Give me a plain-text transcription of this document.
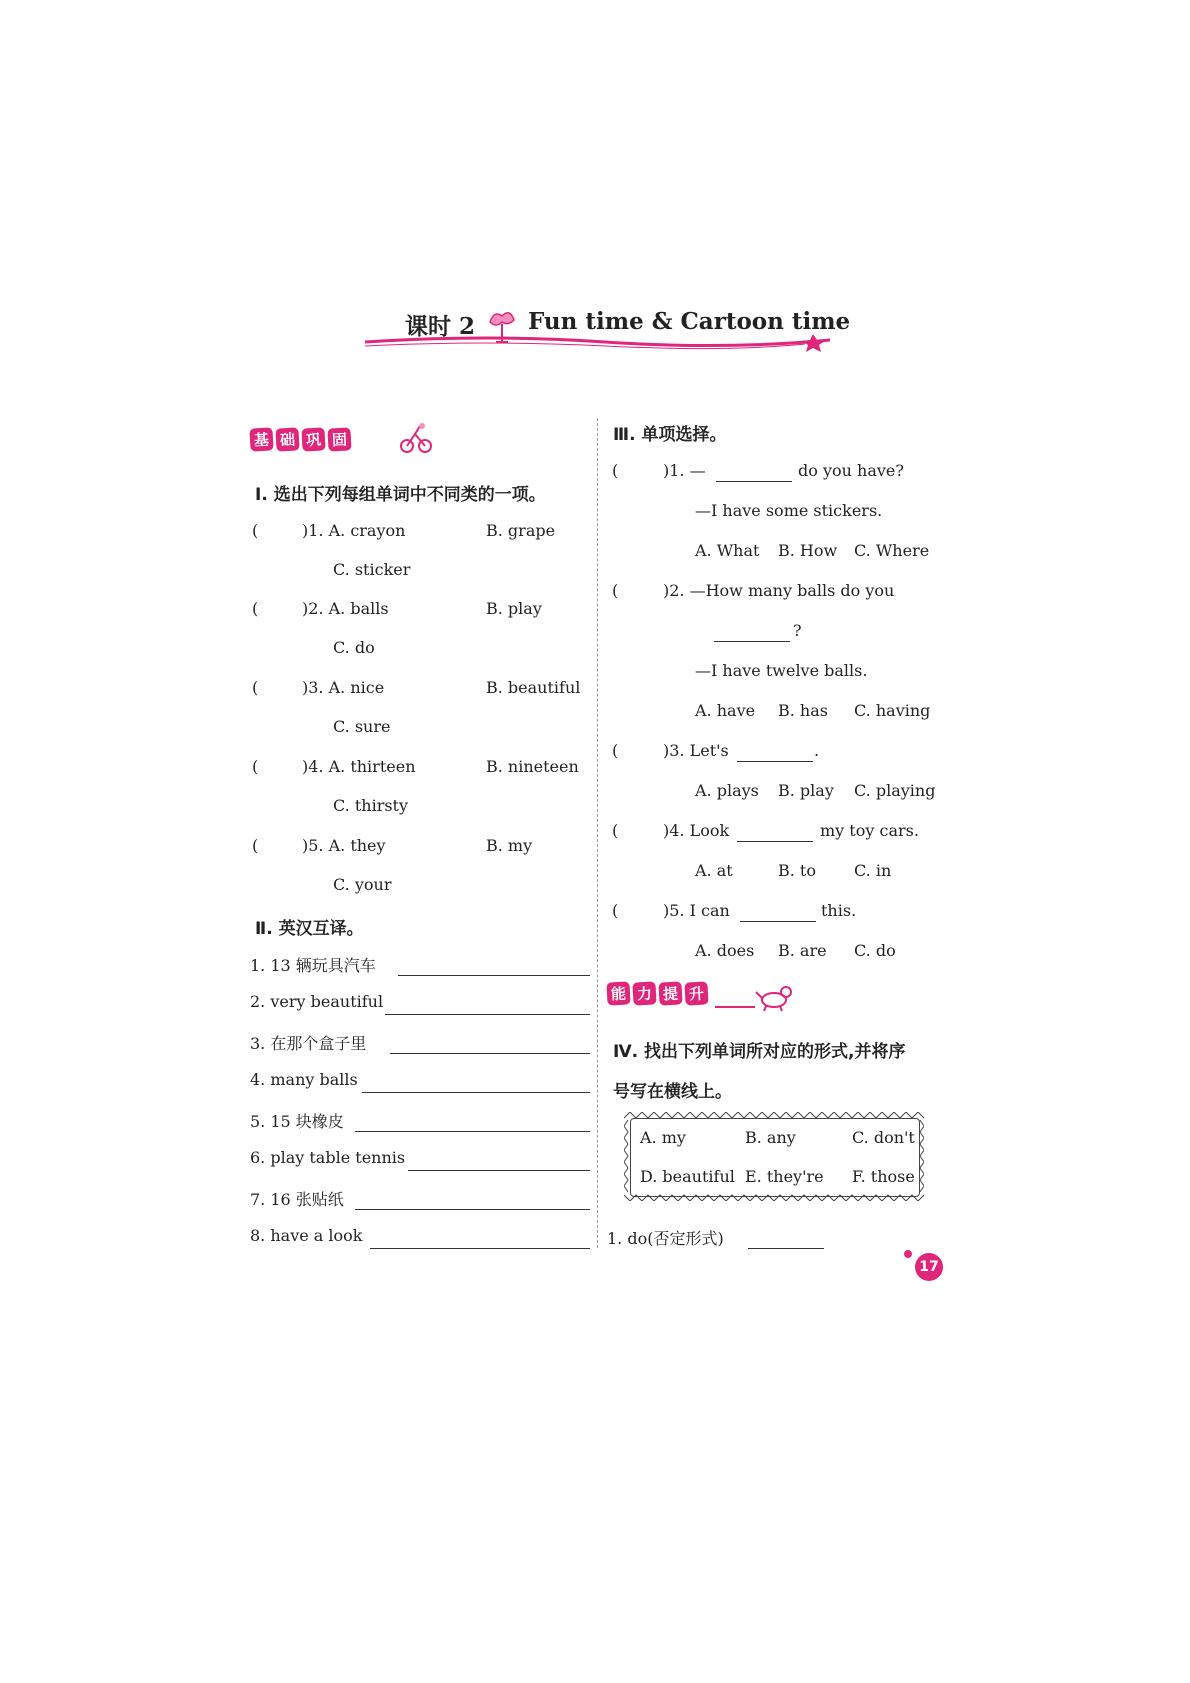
课时 2 Fun time & Cartoon time
基 础 巩 固
Ⅰ. 选出下列每组单词中不同类的一项。
(	)1. A. crayon	B. grape
C. sticker
(	)2. A. balls	B. play
C. do
(	)3. A. nice	B. beautiful
C. sure
(	)4. A. thirteen	B. nineteen
C. thirsty
(	)5. A. they	B. my
C. your
Ⅱ. 英汉互译。
1. 13 辆玩具汽车
2. very beautiful
3. 在那个盒子里
4. many balls
5. 15 块橡皮
6. play table tennis
7. 16 张贴纸
8. have a look
Ⅲ. 单项选择。
(	)1. —	do you have?
—I have some stickers.
A. What B. How C. Where
(	)2. —How many balls do you
?
—I have twelve balls.
A. have B. has C. having
(	)3. Let's	.
A. plays B. play C. playing
(	)4. Look	my toy cars.
A. at	B. to C. in
(	)5. I can	this.
A. does B. are C. do
能 力 提 升
Ⅳ. 找出下列单词所对应的形式,并将序
号写在横线上。
A. my	B. any	C. don't
D. beautiful E. they're F. those
1. do(否定形式)
17
